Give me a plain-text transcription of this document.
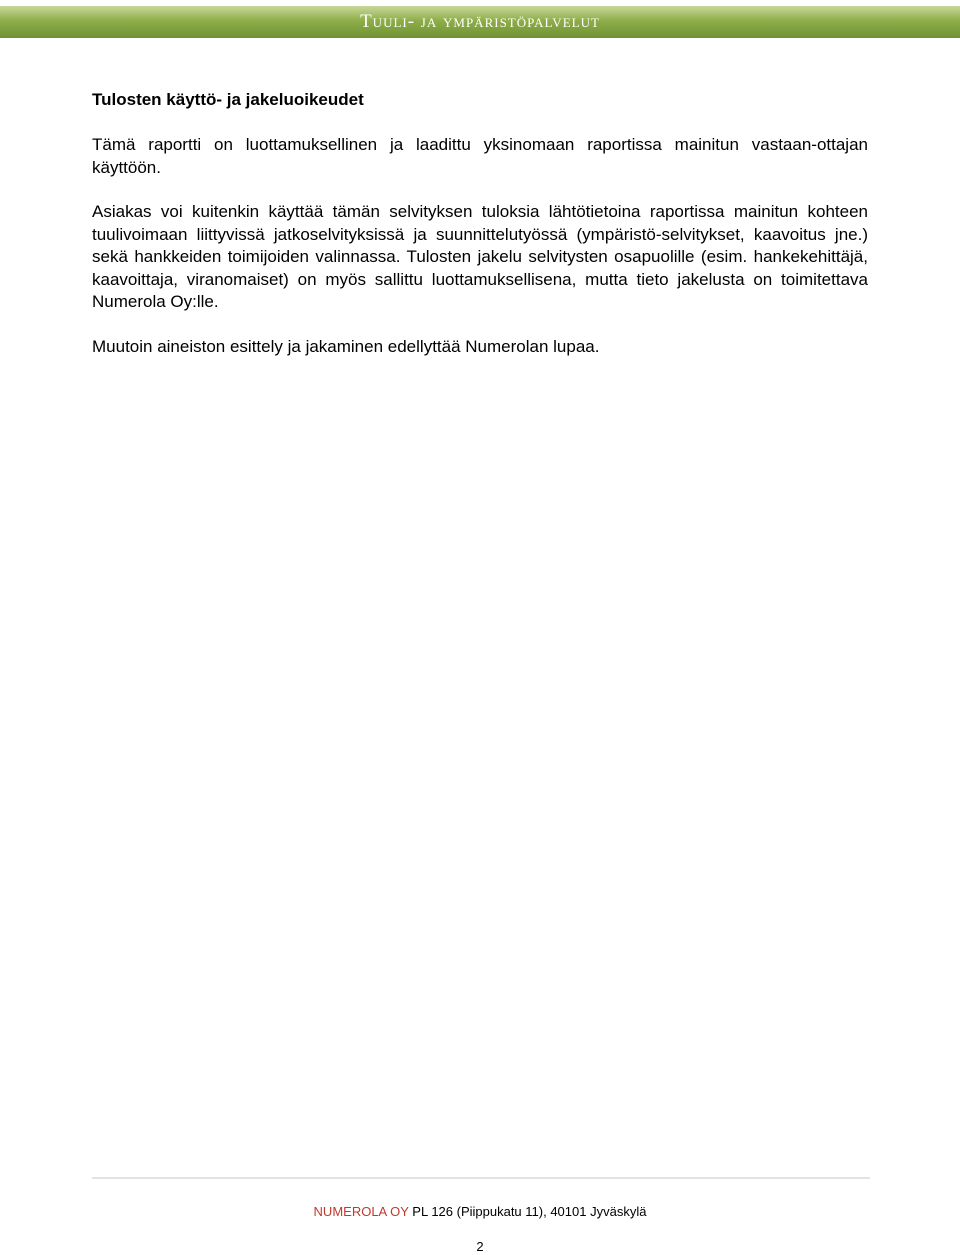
Tuuli- ja ympäristöpalvelut
Tulosten käyttö- ja jakeluoikeudet

Tämä raportti on luottamuksellinen ja laadittu yksinomaan raportissa mainitun vastaan-ottajan käyttöön.

Asiakas voi kuitenkin käyttää tämän selvityksen tuloksia lähtötietoina raportissa mainitun kohteen tuulivoimaan liittyvissä jatkoselvityksissä ja suunnittelutyössä (ympäristö-selvitykset, kaavoitus jne.) sekä hankkeiden toimijoiden valinnassa. Tulosten jakelu selvitysten osapuolille (esim. hankekehittäjä, kaavoittaja, viranomaiset) on myös sallittu luottamuksellisena, mutta tieto jakelusta on toimitettava Numerola Oy:lle.

Muutoin aineiston esittely ja jakaminen edellyttää Numerolan lupaa.

NUMEROLA OY PL 126 (Piippukatu 11), 40101 Jyväskylä
2
